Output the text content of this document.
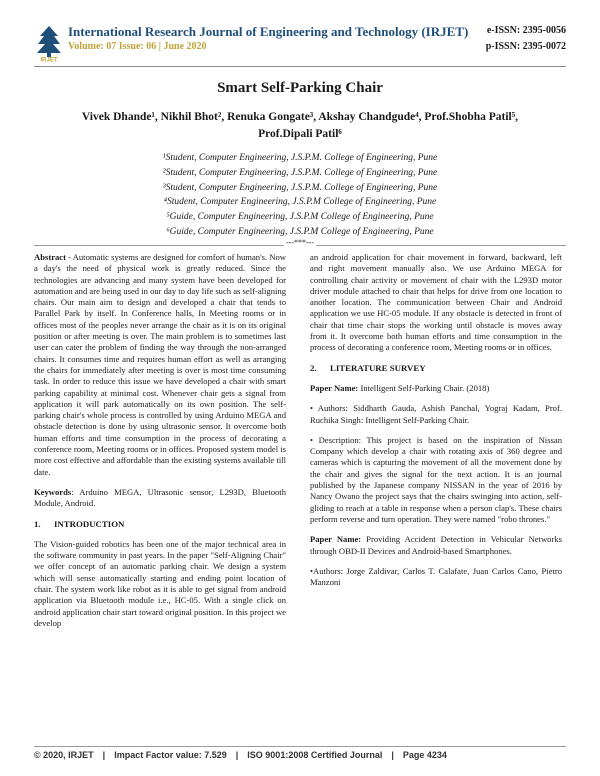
IRJET
International Research Journal of Engineering and Technology (IRJET)
Volume: 07 Issue: 06 | June 2020
e-ISSN: 2395-0056
p-ISSN: 2395-0072
Smart Self-Parking Chair
Vivek Dhande¹, Nikhil Bhot², Renuka Gongate³, Akshay Chandgude⁴, Prof.Shobha Patil⁵,
Prof.Dipali Patil⁶
¹Student, Computer Engineering, J.S.P.M. College of Engineering, Pune
²Student, Computer Engineering, J.S.P.M. College of Engineering, Pune
³Student, Computer Engineering, J.S.P.M. College of Engineering, Pune
⁴Student, Computer Engineering, J.S.P.M College of Engineering, Pune
⁵Guide, Computer Engineering, J.S.P.M College of Engineering, Pune
⁶Guide, Computer Engineering, J.S.P.M College of Engineering, Pune
---***---

Abstract - Automatic systems are designed for comfort of human's. Now a day's the need of physical work is greatly reduced. Since the technologies are advancing and many system have been developed for automation and are being used in our day to day life such as self-aligning chairs. Our main aim to design and developed a chair that tends to Parallel Park by itself. In Conference halls, In Meeting rooms or in offices most of the peoples never arrange the chair as it is on its original position or after meeting is over. The main problem is to sometimes last user can cater the problem of finding the way through the non-arranged chairs. It consumes time and requires human effort as well as arranging the chairs for immediately after meeting is over is most time consuming task. In order to reduce this issue we have developed a chair with smart parking capability at minimal cost. Whenever chair gets a signal from application it will park automatically on its own position. The self- parking chair's whole process is controlled by using Arduino MEGA and obstacle detection is done by using ultrasonic sensor. It overcome both human efforts and time consumption in the process of decorating a conference room, Meeting rooms or in offices. Proposed system model is more cost effective and affordable than the existing systems available till date.

Keywords: Arduino MEGA, Ultrasonic sensor, L293D, Bluetooth Module, Android.

1. INTRODUCTION

The Vision-guided robotics has been one of the major technical area in the software community in past years. In the paper "Self-Aligning Chair" we offer concept of an automatic parking chair. We design a system which will sense automatically starting and ending point location of chair. The system work like robot as it is able to get signal from android application via Bluetooth module i.e., HC-05. With a single click on android application chair start toward original position. In this project we develop

an android application for chair movement in forward, backward, left and right movement manually also. We use Arduino MEGA for controlling chair activity or movement of chair with the L293D motor driver module attached to chair that helps for drive from one location to another location. The communication between Chair and Android application we use HC-05 module. If any obstacle is detected in front of chair that time chair stops the working until obstacle is moves away from it. It overcome both human efforts and time consumption in the process of decorating a conference room, Meeting rooms or in offices.

2. LITERATURE SURVEY

Paper Name: Intelligent Self-Parking Chair. (2018)

• Authors: Siddharth Gauda, Ashish Panchal, Yograj Kadam, Prof. Ruchika Singh: Intelligent Self-Parking Chair.

• Description: This project is based on the inspiration of Nissan Company which develop a chair with rotating axis of 360 degree and cameras which is capturing the movement of all the movement done by the chair and gives the signal for the next action. It is an journal published by the Japanese company NISSAN in the year of 2016 by Nancy Owano the project says that the chairs swinging into action, self-gliding to reach at a table in response when a person clap's. These chairs perform reverse and turn operation. They were named "robo thrones."

Paper Name: Providing Accident Detection in Vehicular Networks through OBD-II Devices and Android-based Smartphones.

•Authors: Jorge Zaldivar, Carlos T. Calafate, Juan Carlos Cano, Pietro Manzoni

© 2020, IRJET | Impact Factor value: 7.529 | ISO 9001:2008 Certified Journal | Page 4234
